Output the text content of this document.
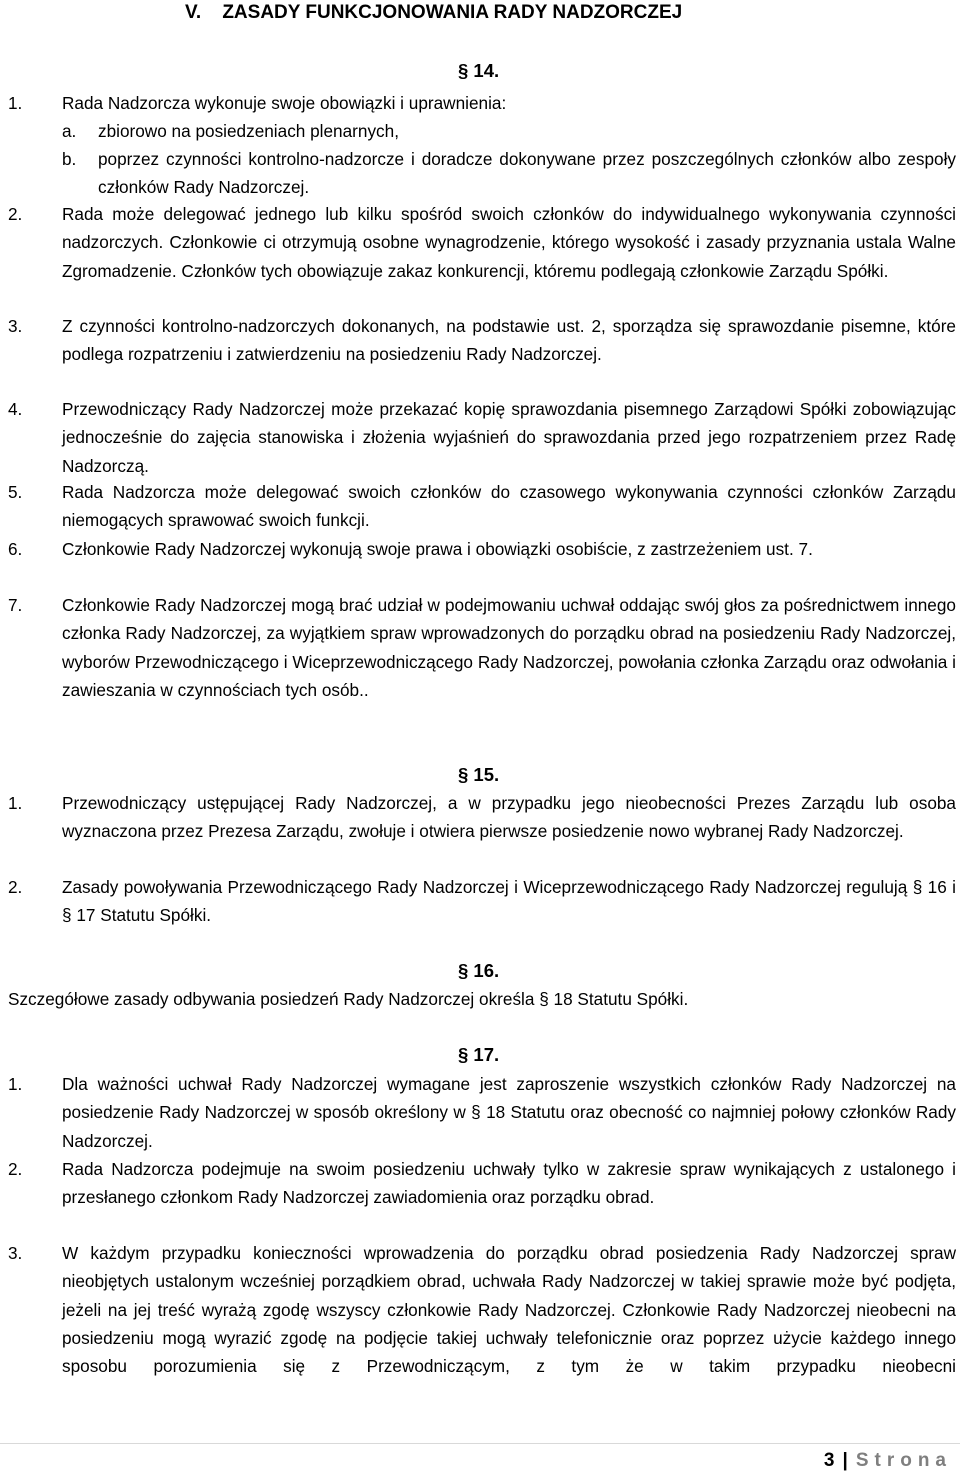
V.    ZASADY FUNKCJONOWANIA RADY NADZORCZEJ
§ 14.
1. Rada Nadzorcza wykonuje swoje obowiązki i uprawnienia:
a. zbiorowo na posiedzeniach plenarnych,
b. poprzez czynności kontrolno-nadzorcze i doradcze dokonywane przez poszczególnych członków albo zespoły członków Rady Nadzorczej.
2. Rada może delegować jednego lub kilku spośród swoich członków do indywidualnego wykonywania czynności nadzorczych. Członkowie ci otrzymują osobne wynagrodzenie, którego wysokość i zasady przyznania ustala Walne Zgromadzenie. Członków tych obowiązuje zakaz konkurencji, któremu podlegają członkowie Zarządu Spółki.
3. Z czynności kontrolno-nadzorczych dokonanych, na podstawie ust. 2, sporządza się sprawozdanie pisemne, które podlega rozpatrzeniu i zatwierdzeniu na posiedzeniu Rady Nadzorczej.
4. Przewodniczący Rady Nadzorczej może przekazać kopię sprawozdania pisemnego Zarządowi Spółki zobowiązując jednocześnie do zajęcia stanowiska i złożenia wyjaśnień do sprawozdania przed jego rozpatrzeniem przez Radę Nadzorczą.
5. Rada Nadzorcza może delegować swoich członków do czasowego wykonywania czynności członków Zarządu niemogących sprawować swoich funkcji.
6. Członkowie Rady Nadzorczej wykonują swoje prawa i obowiązki osobiście, z zastrzeżeniem ust. 7.
7. Członkowie Rady Nadzorczej mogą brać udział w podejmowaniu uchwał oddając swój głos za pośrednictwem innego członka Rady Nadzorczej, za wyjątkiem spraw wprowadzonych do porządku obrad na posiedzeniu Rady Nadzorczej, wyborów Przewodniczącego i Wiceprzewodniczącego Rady Nadzorczej, powołania członka Zarządu oraz odwołania i zawieszania w czynnościach tych osób..
§ 15.
1. Przewodniczący ustępującej Rady Nadzorczej, a w przypadku jego nieobecności Prezes Zarządu lub osoba wyznaczona przez Prezesa Zarządu, zwołuje i otwiera pierwsze posiedzenie nowo wybranej Rady Nadzorczej.
2. Zasady powoływania Przewodniczącego Rady Nadzorczej i Wiceprzewodniczącego Rady Nadzorczej regulują § 16 i § 17 Statutu Spółki.
§ 16.
Szczegółowe zasady odbywania posiedzeń Rady Nadzorczej określa § 18 Statutu Spółki.
§ 17.
1. Dla ważności uchwał Rady Nadzorczej wymagane jest zaproszenie wszystkich członków Rady Nadzorczej na posiedzenie Rady Nadzorczej w sposób określony w § 18 Statutu oraz obecność co najmniej połowy członków Rady Nadzorczej.
2. Rada Nadzorcza podejmuje na swoim posiedzeniu uchwały tylko w zakresie spraw wynikających z ustalonego i przesłanego członkom Rady Nadzorczej zawiadomienia oraz porządku obrad.
3. W każdym przypadku konieczności wprowadzenia do porządku obrad posiedzenia Rady Nadzorczej spraw nieobjętych ustalonym wcześniej porządkiem obrad, uchwała Rady Nadzorczej w takiej sprawie może być podjęta, jeżeli na jej treść wyrażą zgodę wszyscy członkowie Rady Nadzorczej. Członkowie Rady Nadzorczej nieobecni na posiedzeniu mogą wyrazić zgodę na podjęcie takiej uchwały telefonicznie oraz poprzez użycie każdego innego sposobu porozumienia się z Przewodniczącym, z tym że w takim przypadku nieobecni
3 | Strona
